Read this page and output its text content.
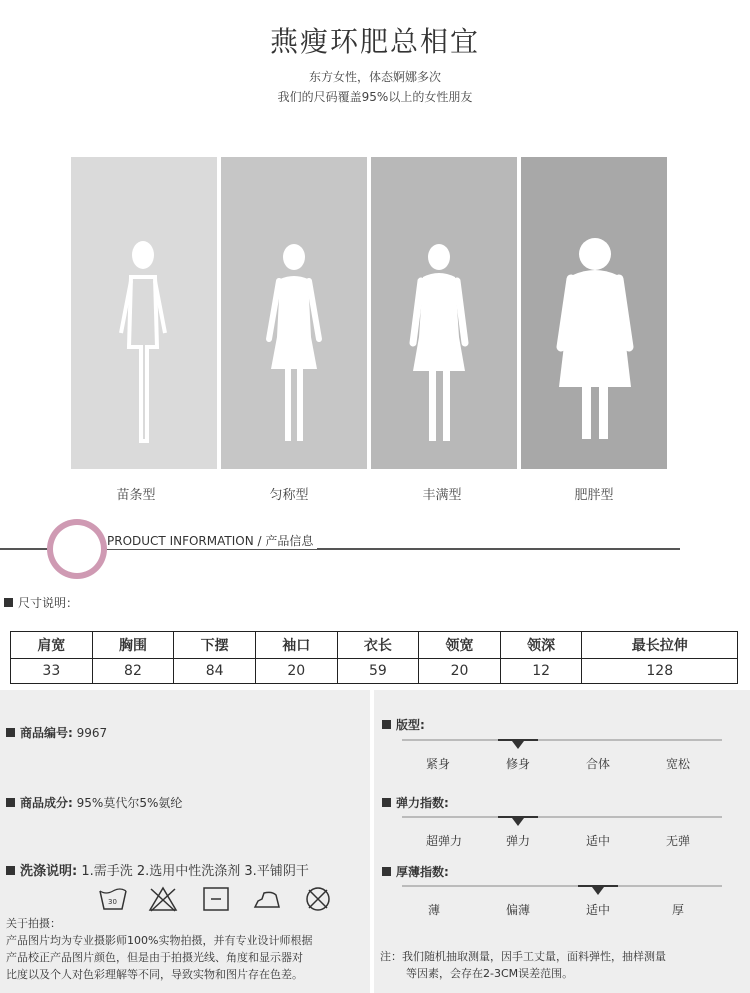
燕瘦环肥总相宜
东方女性，体态婀娜多次
我们的尺码覆盖95%以上的女性朋友
苗条型	匀称型	丰满型	肥胖型
PRODUCT INFORMATION / 产品信息
尺寸说明：
肩宽	胸围	下摆	袖口	衣长	领宽	领深	最长拉伸
33	82	84	20	59	20	12	128
商品编号: 9967
商品成分: 95%莫代尔5%氨纶
洗涤说明: 1.需手洗 2.选用中性洗涤剂 3.平铺阴干
30
关于拍摄：
产品图片均为专业摄影师100%实物拍摄，并有专业设计师根据
产品校正产品图片颜色，但是由于拍摄光线、角度和显示器对
比度以及个人对色彩理解等不同，导致实物和图片存在色差。
版型:
紧身	修身	合体	宽松
弹力指数:
超弹力	弹力	适中	无弹
厚薄指数:
薄	偏薄	适中	厚
注：我们随机抽取测量，因手工丈量，面料弹性，抽样测量
等因素，会存在2-3CM误差范围。
